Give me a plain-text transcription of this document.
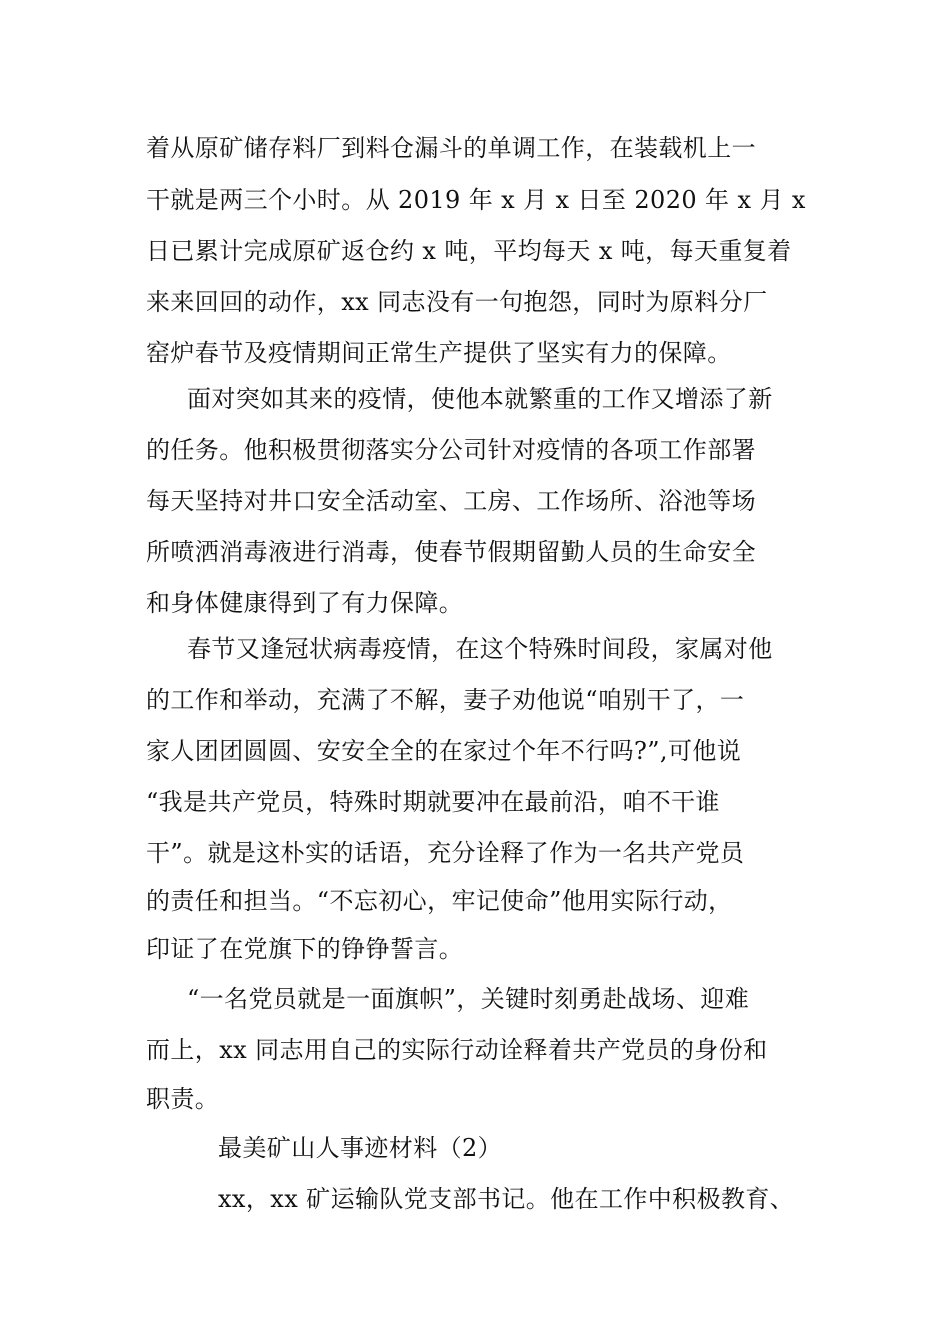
着从原矿储存料厂到料仓漏斗的单调工作，在装载机上一
干就是两三个小时。从 2019 年 x 月 x 日至 2020 年 x 月 x
日已累计完成原矿返仓约 x 吨，平均每天 x 吨，每天重复着
来来回回的动作，xx 同志没有一句抱怨，同时为原料分厂
窑炉春节及疫情期间正常生产提供了坚实有力的保障。
面对突如其来的疫情，使他本就繁重的工作又增添了新
的任务。他积极贯彻落实分公司针对疫情的各项工作部署
每天坚持对井口安全活动室、工房、工作场所、浴池等场
所喷洒消毒液进行消毒，使春节假期留勤人员的生命安全
和身体健康得到了有力保障。
春节又逢冠状病毒疫情，在这个特殊时间段，家属对他
的工作和举动，充满了不解，妻子劝他说“咱别干了，一
家人团团圆圆、安安全全的在家过个年不行吗?”,可他说
“我是共产党员，特殊时期就要冲在最前沿，咱不干谁
干”。就是这朴实的话语，充分诠释了作为一名共产党员
的责任和担当。“不忘初心，牢记使命”他用实际行动，
印证了在党旗下的铮铮誓言。
“一名党员就是一面旗帜”，关键时刻勇赴战场、迎难
而上，xx 同志用自己的实际行动诠释着共产党员的身份和
职责。
最美矿山人事迹材料（2）
xx，xx 矿运输队党支部书记。他在工作中积极教育、
